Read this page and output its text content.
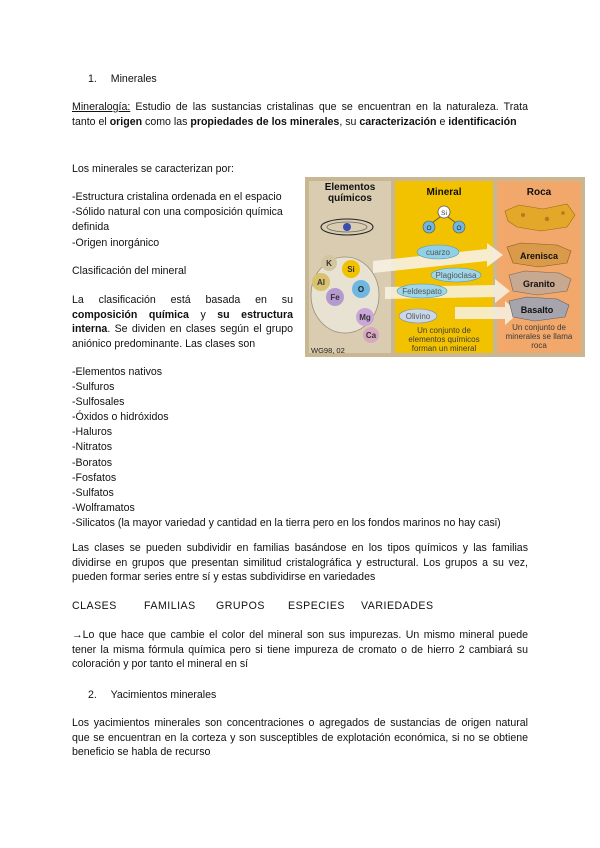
1. Minerales

Mineralogía: Estudio de las sustancias cristalinas que se encuentran en la naturaleza. Trata tanto el origen como las propiedades de los minerales, su caracterización e identificación

Los minerales se caracterizan por:
-Estructura cristalina ordenada en el espacio
-Sólido natural con una composición química definida
-Origen inorgánico
Clasificación del mineral
La clasificación está basada en su composición química y su estructura interna. Se dividen en clases según el grupo aniónico predominante. Las clases son
Elementos
químicos
Mineral	Roca
Al
K
Si
Fe
O
Mg
Ca
WG98, 02
Si
O	O
cuarzo
Plagioclasa
Feldespato
Olivino
Un conjunto de
elementos químicos
forman un mineral
Arenisca
Granito
Basalto
Un conjunto de
minerales se llama
roca
-Elementos nativos
-Sulfuros
-Sulfosales
-Óxidos o hidróxidos
-Haluros
-Nitratos
-Boratos
-Fosfatos
-Sulfatos
-Wolframatos
-Silicatos (la mayor variedad y cantidad en la tierra pero en los fondos marinos no hay casi)
Las clases se pueden subdividir en familias basándose en los tipos químicos y las familias dividirse en grupos que presentan similitud cristalográfica y estructural. Los grupos a su vez, pueden formar series entre sí y estas subdividirse en variedades
CLASES	FAMILIAS GRUPOS ESPECIES VARIEDADES
→Lo que hace que cambie el color del mineral son sus impurezas. Un mismo mineral puede tener la misma fórmula química pero si tiene impureza de cromato o de hierro 2 cambiará su coloración y por tanto el mineral en sí
2. Yacimientos minerales
Los yacimientos minerales son concentraciones o agregados de sustancias de origen natural que se encuentran en la corteza y son susceptibles de explotación económica, si no se obtiene beneficio se habla de recurso
